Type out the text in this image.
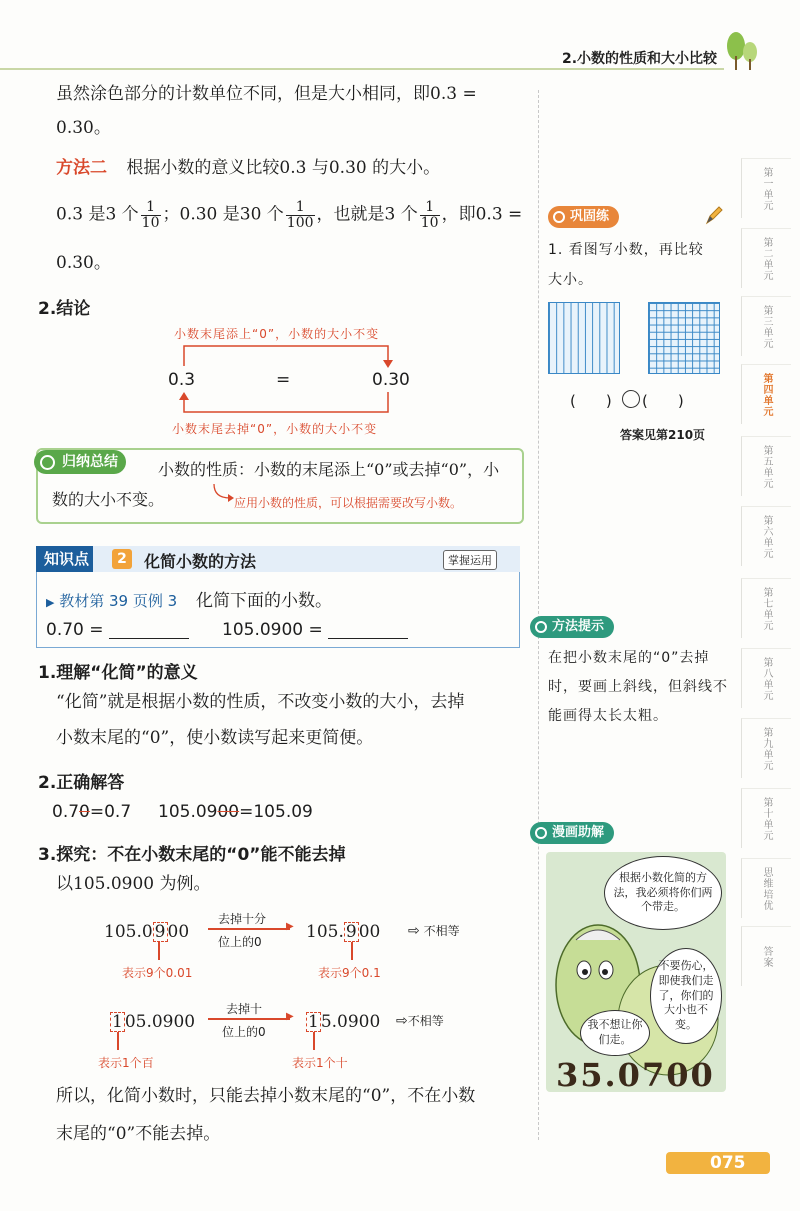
2.小数的性质和大小比较
第一单元
第二单元
第三单元
第四单元
第五单元
第六单元
第七单元
第八单元
第九单元
第十单元
思维培优
答案
虽然涂色部分的计数单位不同，但是大小相同，即0.3 =
0.30。
方法二 根据小数的意义比较0.3 与0.30 的大小。
0.3 是3 个 $\frac{1}{10}$ ；0.30 是30 个 $\frac{1}{100}$ ，也就是3 个 $\frac{1}{10}$ ，即0.3 =
0.30。
2.结论
小数末尾添上“0”，小数的大小不变
0.3	=	0.30
小数末尾去掉“0”，小数的大小不变
归纳总结	小数的性质：小数的末尾添上“0”或去掉“0”，小
数的大小不变。	应用小数的性质，可以根据需要改写小数。
知识点	2	化简小数的方法	掌握运用
▶ 教材第 39 页例 3 化简下面的小数。
0.70 =	105.0900 =
1.理解“化简”的意义
“化简”就是根据小数的性质，不改变小数的大小，去掉
小数末尾的“0”，使小数读写起来更简便。
2.正确解答
0.70=0.7 105.0900=105.09
3.探究：不在小数末尾的“0”能不能去掉
以105.0900 为例。
105.0 9 00
去掉十分
▶
位上的0	105. 9 00 ⇨ 不相等
表示9个0.01	表示9个0.1
1 05.0900
去掉十
▶
位上的0 1 5.0900 ⇨不相等
表示1个百	表示1个十
所以，化简小数时，只能去掉小数末尾的“0”，不在小数
末尾的“0”不能去掉。
巩固练
1. 看图写小数，再比较
大小。
(　　) (　　)
答案见第210页
方法提示
在把小数末尾的“0”去掉
时，要画上斜线，但斜线不
能画得太长太粗。
漫画助解
根据小数化简的方法，我必须将你们两个带走。
不要伤心，即使我们走了，你们的大小也不变。
我不想让你们走。
35.0700
075
